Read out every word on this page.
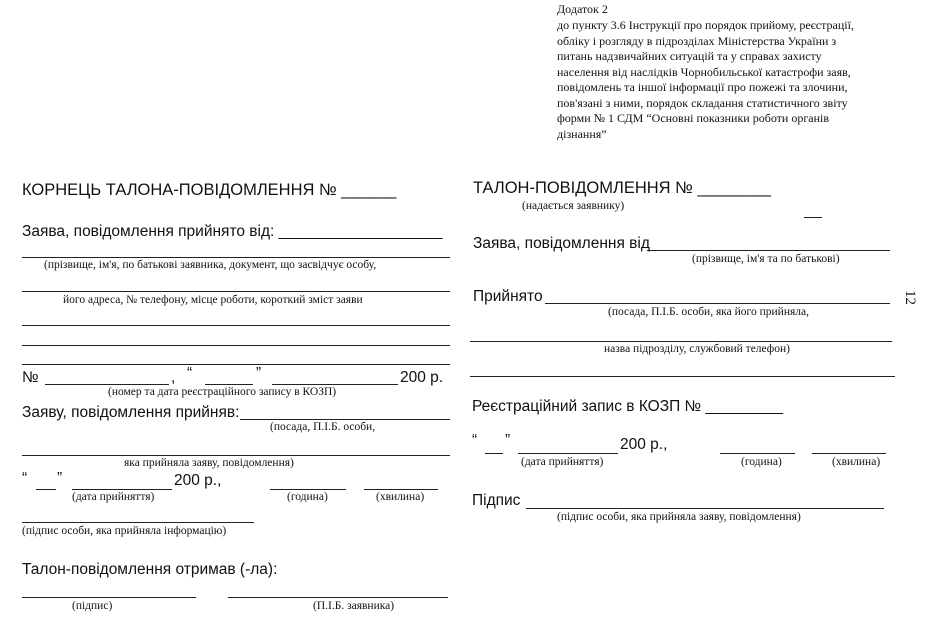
Додаток 2
до пункту 3.6 Інструкції про порядок прийому, реєстрації,
обліку і розгляду в підрозділах Міністерства України з
питань надзвичайних ситуацій та у справах захисту
населення від наслідків Чорнобильської катастрофи заяв,
повідомлень та іншої інформації про пожежі та злочини,
пов'язані з ними, порядок складання статистичного звіту
форми № 1 СДМ “Основні показники роботи органів
дізнання”
12
КОРНЕЦЬ ТАЛОНА-ПОВІДОМЛЕННЯ № ______
Заява, повідомлення прийнято від: ___________________
(прізвище, ім'я, по батькові заявника, документ, що засвідчує особу,
його адреса, № телефону, місце роботи, короткий зміст заяви
№	, “	”	200 р.
(номер та дата реєстраційного запису в КОЗП)
Заяву, повідомлення прийняв:
(посада, П.І.Б. особи,
яка прийняла заяву, повідомлення)
“ ”	200 р.,
(дата прийняття)	(година)	(хвилина)
(підпис особи, яка прийняла інформацію)
Талон-повідомлення отримав (-ла):
(підпис)	(П.І.Б. заявника)
ТАЛОН-ПОВІДОМЛЕННЯ № ________
(надається заявнику)
Заява, повідомлення від
(прізвище, ім'я та по батькові)
Прийнято
(посада, П.І.Б. особи, яка його прийняла,
назва підрозділу, службовий телефон)
Реєстраційний запис в КОЗП № _________
“ ”	200 р.,
(дата прийняття)	(година)	(хвилина)
Підпис
(підпис особи, яка прийняла заяву, повідомлення)
